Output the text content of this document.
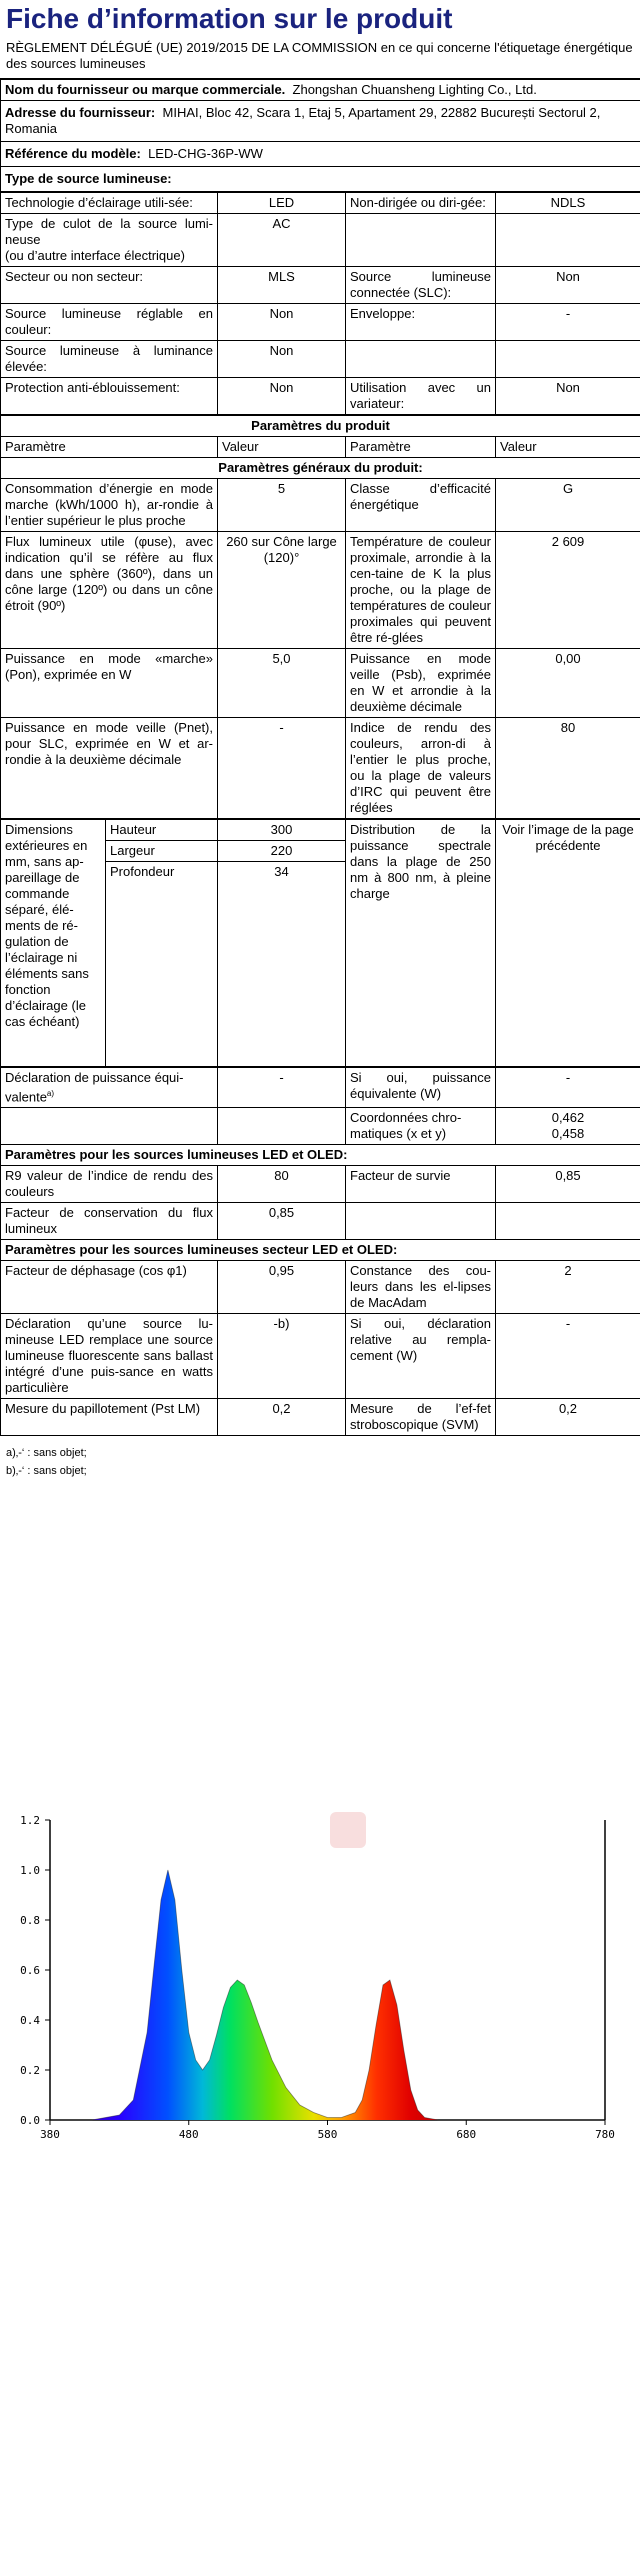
Fiche d’information sur le produit
RÈGLEMENT DÉLÉGUÉ (UE) 2019/2015 DE LA COMMISSION en ce qui concerne l'étiquetage énergétique des sources lumineuses
Nom du fournisseur ou marque commerciale. Zhongshan Chuansheng Lighting Co., Ltd.
Adresse du fournisseur: MIHAI, Bloc 42, Scara 1, Etaj 5, Apartament 29, 22882 București Sectorul 2, Romania
Référence du modèle: LED-CHG-36P-WW
Type de source lumineuse:
Technologie d’éclairage utili-sée:	LED	Non-dirigée ou diri-gée:	NDLS
Type de culot de la source lumi-neuse
(ou d’autre interface électrique)	AC		
Secteur ou non secteur:	MLS	Source lumineuse connectée (SLC):	Non
Source lumineuse réglable en couleur:	Non	Enveloppe:	-
Source lumineuse à luminance élevée:	Non		
Protection anti-éblouissement:	Non	Utilisation avec un variateur:	Non
Paramètres du produit			
Paramètre	Valeur	Paramètre	Valeur
Paramètres généraux du produit:			
Consommation d’énergie en mode marche (kWh/1000 h), ar-rondie à l’entier supérieur le plus proche	5	Classe d’efficacité énergétique	G
Flux lumineux utile (φuse), avec indication qu’il se réfère au flux dans une sphère (360º), dans un cône large (120º) ou dans un cône étroit (90º)	260 sur Cône large (120)°	Température de couleur proximale, arrondie à la cen-taine de K la plus proche, ou la plage de températures de couleur proximales qui peuvent être ré-glées	2 609
Puissance en mode «marche» (Pon), exprimée en W	5,0	Puissance en mode veille (Psb), exprimée en W et arrondie à la deuxième décimale	0,00
Puissance en mode veille (Pnet), pour SLC, exprimée en W et ar-rondie à la deuxième décimale	-	Indice de rendu des couleurs, arron-di à l’entier le plus proche, ou la plage de valeurs d’IRC qui peuvent être réglées	80
Dimensions extérieures en mm, sans ap-pareillage de commande séparé, élé-ments de ré-gulation de l’éclairage ni éléments sans fonction d’éclairage (le cas échéant)	Hauteur	300	Distribution de la puissance spectrale dans la plage de 250 nm à 800 nm, à pleine charge	Voir l’image de la page précédente
	Largeur	220		
	Profondeur	34		
Déclaration de puissance équi-valente$^{a)}$	-	Si oui, puissance équivalente (W)	-
		Coordonnées chro-matiques (x et y)	0,462
0,458

Paramètres pour les sources lumineuses LED et OLED:			
R9 valeur de l’indice de rendu des couleurs	80	Facteur de survie	0,85
Facteur de conservation du flux lumineux	0,85		
Paramètres pour les sources lumineuses secteur LED et OLED:			
Facteur de déphasage (cos φ1)	0,95	Constance des cou-leurs dans les el-lipses de MacAdam	2
Déclaration qu’une source lu-mineuse LED remplace une source lumineuse fluorescente sans ballast intégré d’une puis-sance en watts particulière	-b)	Si oui, déclaration relative au rempla-cement (W)	-
Mesure du papillotement (Pst LM)	0,2	Mesure de l’ef-fet stroboscopique (SVM)	0,2
a)‚-‘ : sans objet;
b)‚-‘ : sans objet;
0.0
0.2
0.4
0.6
0.8
1.0
1.2
380	480	580	680	780
